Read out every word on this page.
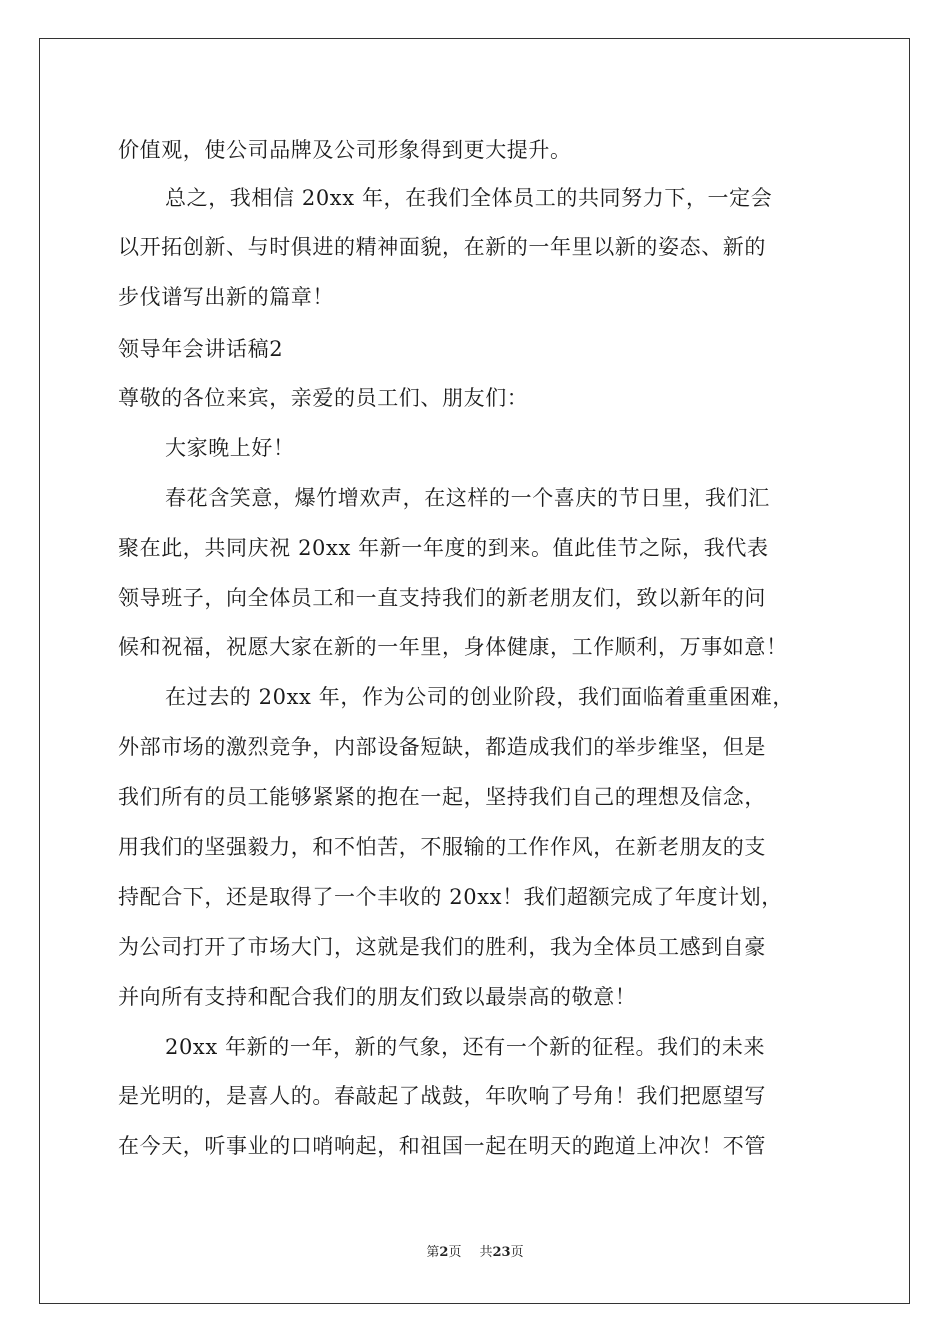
价值观，使公司品牌及公司形象得到更大提升。
总之，我相信 20xx 年，在我们全体员工的共同努力下，一定会
以开拓创新、与时俱进的精神面貌，在新的一年里以新的姿态、新的
步伐谱写出新的篇章！
领导年会讲话稿2
尊敬的各位来宾，亲爱的员工们、朋友们：
大家晚上好！
春花含笑意，爆竹增欢声，在这样的一个喜庆的节日里，我们汇
聚在此，共同庆祝 20xx 年新一年度的到来。值此佳节之际，我代表
领导班子，向全体员工和一直支持我们的新老朋友们，致以新年的问
候和祝福，祝愿大家在新的一年里，身体健康，工作顺利，万事如意！
在过去的 20xx 年，作为公司的创业阶段，我们面临着重重困难，
外部市场的激烈竞争，内部设备短缺，都造成我们的举步维坚，但是
我们所有的员工能够紧紧的抱在一起，坚持我们自己的理想及信念，
用我们的坚强毅力，和不怕苦，不服输的工作作风，在新老朋友的支
持配合下，还是取得了一个丰收的 20xx！我们超额完成了年度计划，
为公司打开了市场大门，这就是我们的胜利，我为全体员工感到自豪
并向所有支持和配合我们的朋友们致以最崇高的敬意！
20xx 年新的一年，新的气象，还有一个新的征程。我们的未来
是光明的，是喜人的。春敲起了战鼓，年吹响了号角！我们把愿望写
在今天，听事业的口哨响起，和祖国一起在明天的跑道上冲次！不管
第2页 共23页
